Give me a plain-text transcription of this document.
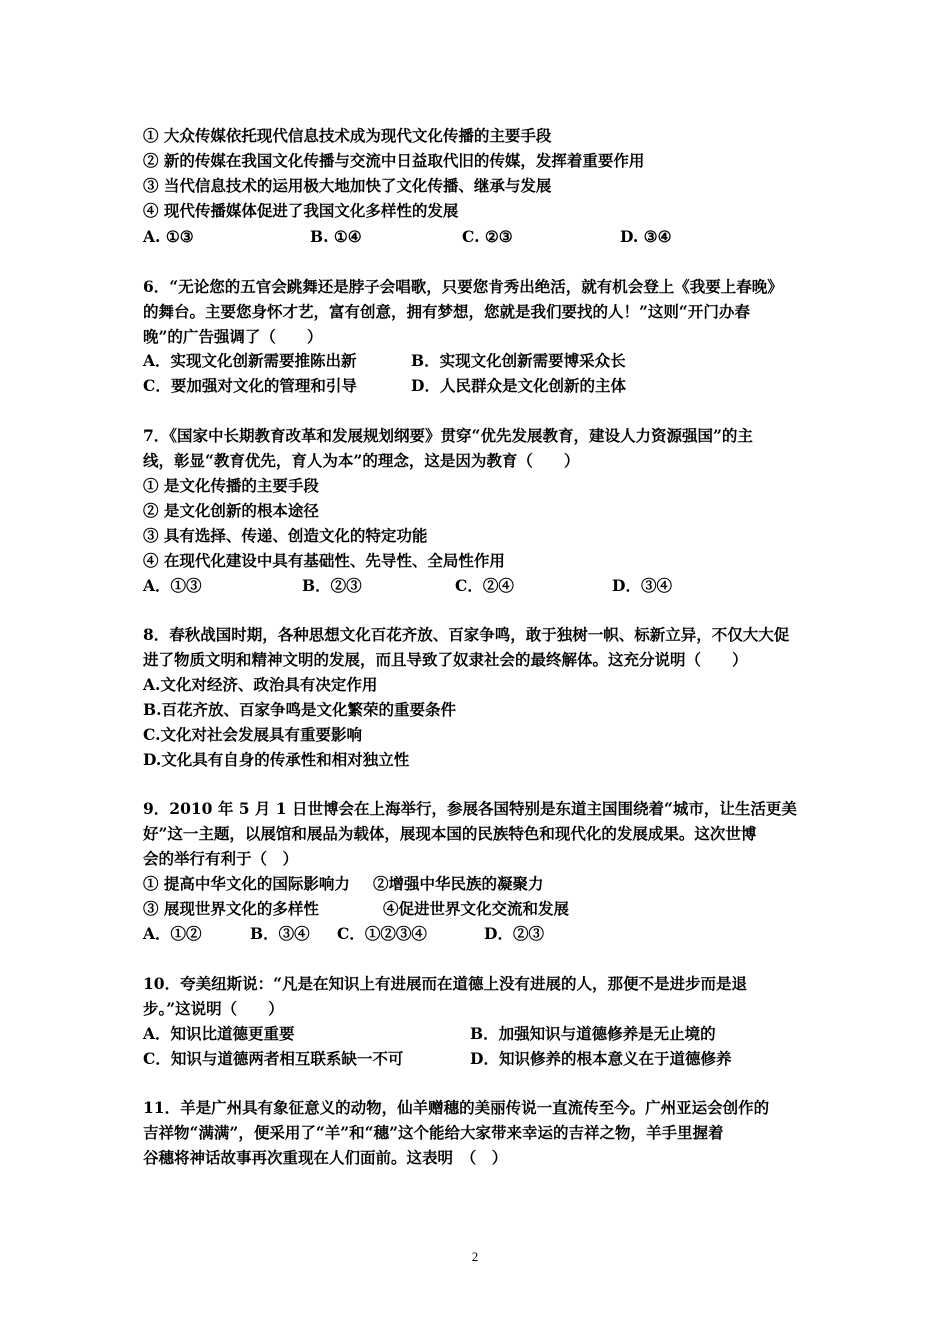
① 大众传媒依托现代信息技术成为现代文化传播的主要手段
② 新的传媒在我国文化传播与交流中日益取代旧的传媒，发挥着重要作用
③ 当代信息技术的运用极大地加快了文化传播、继承与发展
④ 现代传播媒体促进了我国文化多样性的发展
A. ①③	B. ①④	C. ②③	D. ③④
6．“无论您的五官会跳舞还是脖子会唱歌，只要您肯秀出绝活，就有机会登上《我要上春晚》
的舞台。主要您身怀才艺，富有创意，拥有梦想，您就是我们要找的人！”这则“开门办春
晚”的广告强调了（　　）
A．实现文化创新需要推陈出新	B．实现文化创新需要博采众长
C．要加强对文化的管理和引导	D．人民群众是文化创新的主体
7．《国家中长期教育改革和发展规划纲要》贯穿“优先发展教育，建设人力资源强国”的主
线，彰显“教育优先，育人为本”的理念，这是因为教育（　　）
① 是文化传播的主要手段
② 是文化创新的根本途径
③ 具有选择、传递、创造文化的特定功能
④ 在现代化建设中具有基础性、先导性、全局性作用
A．①③	B．②③	C．②④	D．③④
8．春秋战国时期，各种思想文化百花齐放、百家争鸣，敢于独树一帜、标新立异，不仅大大促
进了物质文明和精神文明的发展，而且导致了奴隶社会的最终解体。这充分说明（　　）
A.文化对经济、政治具有决定作用
B.百花齐放、百家争鸣是文化繁荣的重要条件
C.文化对社会发展具有重要影响
D.文化具有自身的传承性和相对独立性
9．2010 年 5 月 1 日世博会在上海举行，参展各国特别是东道主国围绕着“城市，让生活更美
好”这一主题，以展馆和展品为载体，展现本国的民族特色和现代化的发展成果。这次世博
会的举行有利于（　）
① 提高中华文化的国际影响力 ②增强中华民族的凝聚力
③ 展现世界文化的多样性	④促进世界文化交流和发展
A．①②	B．③④ C．①②③④	D．②③
10．夸美纽斯说：“凡是在知识上有进展而在道德上没有进展的人，那便不是进步而是退
步。”这说明（　　）
A．知识比道德更重要	B．加强知识与道德修养是无止境的
C．知识与道德两者相互联系缺一不可	D．知识修养的根本意义在于道德修养
11．羊是广州具有象征意义的动物，仙羊赠穗的美丽传说一直流传至今。广州亚运会创作的
吉祥物“满满”，便采用了“羊”和“穗”这个能给大家带来幸运的吉祥之物，羊手里握着
谷穗将神话故事再次重现在人们面前。这表明　（　）
2
